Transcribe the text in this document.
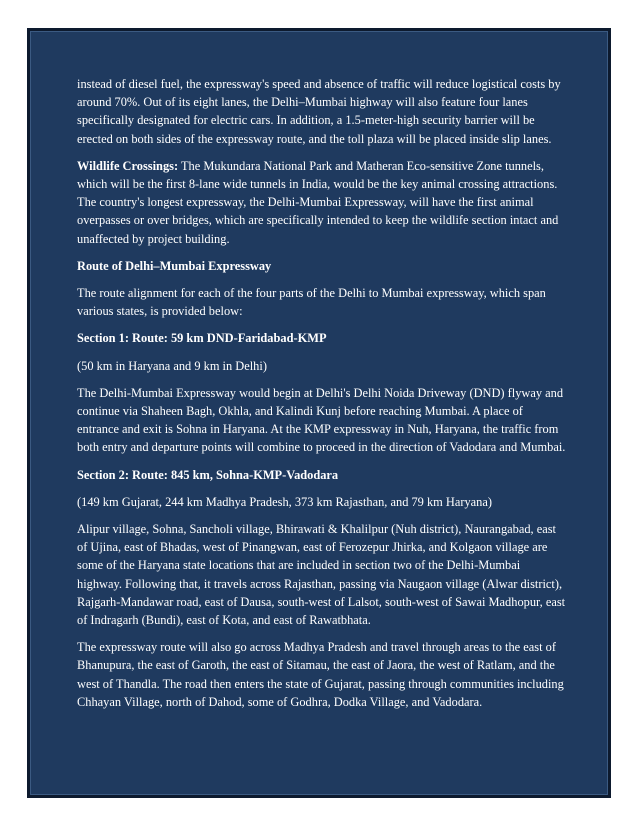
instead of diesel fuel, the expressway's speed and absence of traffic will reduce logistical costs by around 70%. Out of its eight lanes, the Delhi–Mumbai highway will also feature four lanes specifically designated for electric cars. In addition, a 1.5-meter-high security barrier will be erected on both sides of the expressway route, and the toll plaza will be placed inside slip lanes.

Wildlife Crossings: The Mukundara National Park and Matheran Eco-sensitive Zone tunnels, which will be the first 8-lane wide tunnels in India, would be the key animal crossing attractions. The country's longest expressway, the Delhi-Mumbai Expressway, will have the first animal overpasses or over bridges, which are specifically intended to keep the wildlife section intact and unaffected by project building.

Route of Delhi–Mumbai Expressway

The route alignment for each of the four parts of the Delhi to Mumbai expressway, which span various states, is provided below:

Section 1: Route: 59 km DND-Faridabad-KMP

(50 km in Haryana and 9 km in Delhi)

The Delhi-Mumbai Expressway would begin at Delhi's Delhi Noida Driveway (DND) flyway and continue via Shaheen Bagh, Okhla, and Kalindi Kunj before reaching Mumbai. A place of entrance and exit is Sohna in Haryana. At the KMP expressway in Nuh, Haryana, the traffic from both entry and departure points will combine to proceed in the direction of Vadodara and Mumbai.

Section 2: Route: 845 km, Sohna-KMP-Vadodara

(149 km Gujarat, 244 km Madhya Pradesh, 373 km Rajasthan, and 79 km Haryana)

Alipur village, Sohna, Sancholi village, Bhirawati & Khalilpur (Nuh district), Naurangabad, east of Ujina, east of Bhadas, west of Pinangwan, east of Ferozepur Jhirka, and Kolgaon village are some of the Haryana state locations that are included in section two of the Delhi-Mumbai highway. Following that, it travels across Rajasthan, passing via Naugaon village (Alwar district), Rajgarh-Mandawar road, east of Dausa, south-west of Lalsot, south-west of Sawai Madhopur, east of Indragarh (Bundi), east of Kota, and east of Rawatbhata.

The expressway route will also go across Madhya Pradesh and travel through areas to the east of Bhanupura, the east of Garoth, the east of Sitamau, the east of Jaora, the west of Ratlam, and the west of Thandla. The road then enters the state of Gujarat, passing through communities including Chhayan Village, north of Dahod, some of Godhra, Dodka Village, and Vadodara.
